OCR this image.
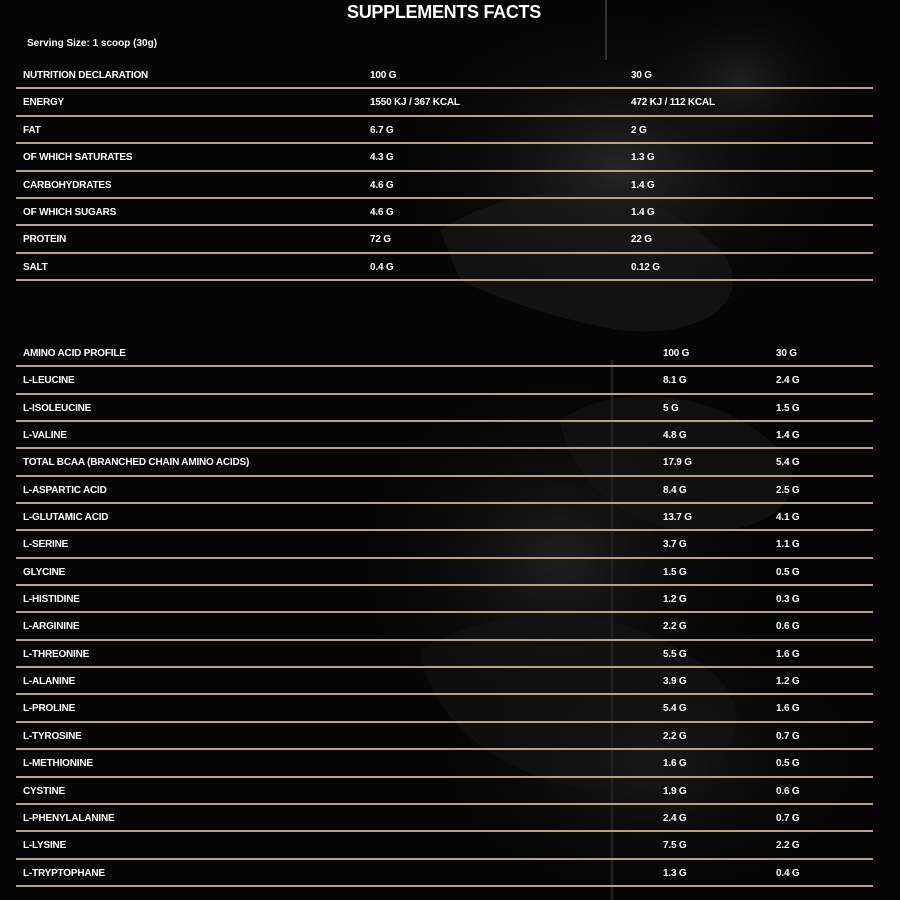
SUPPLEMENTS FACTS
Serving Size: 1 scoop (30g)
NUTRITION DECLARATION	100 G	30 G
ENERGY	1550 KJ / 367 KCAL	472 KJ / 112 KCAL
FAT	6.7 G	2 G
OF WHICH SATURATES	4.3 G	1.3 G
CARBOHYDRATES	4.6 G	1.4 G
OF WHICH SUGARS	4.6 G	1.4 G
PROTEIN	72 G	22 G
SALT	0.4 G	0.12 G
AMINO ACID PROFILE	100 G	30 G
L-LEUCINE	8.1 G	2.4 G
L-ISOLEUCINE	5 G	1.5 G
L-VALINE	4.8 G	1.4 G
TOTAL BCAA (BRANCHED CHAIN AMINO ACIDS)	17.9 G	5.4 G
L-ASPARTIC ACID	8.4 G	2.5 G
L-GLUTAMIC ACID	13.7 G	4.1 G
L-SERINE	3.7 G	1.1 G
GLYCINE	1.5 G	0.5 G
L-HISTIDINE	1.2 G	0.3 G
L-ARGININE	2.2 G	0.6 G
L-THREONINE	5.5 G	1.6 G
L-ALANINE	3.9 G	1.2 G
L-PROLINE	5.4 G	1.6 G
L-TYROSINE	2.2 G	0.7 G
L-METHIONINE	1.6 G	0.5 G
CYSTINE	1.9 G	0.6 G
L-PHENYLALANINE	2.4 G	0.7 G
L-LYSINE	7.5 G	2.2 G
L-TRYPTOPHANE	1.3 G	0.4 G
